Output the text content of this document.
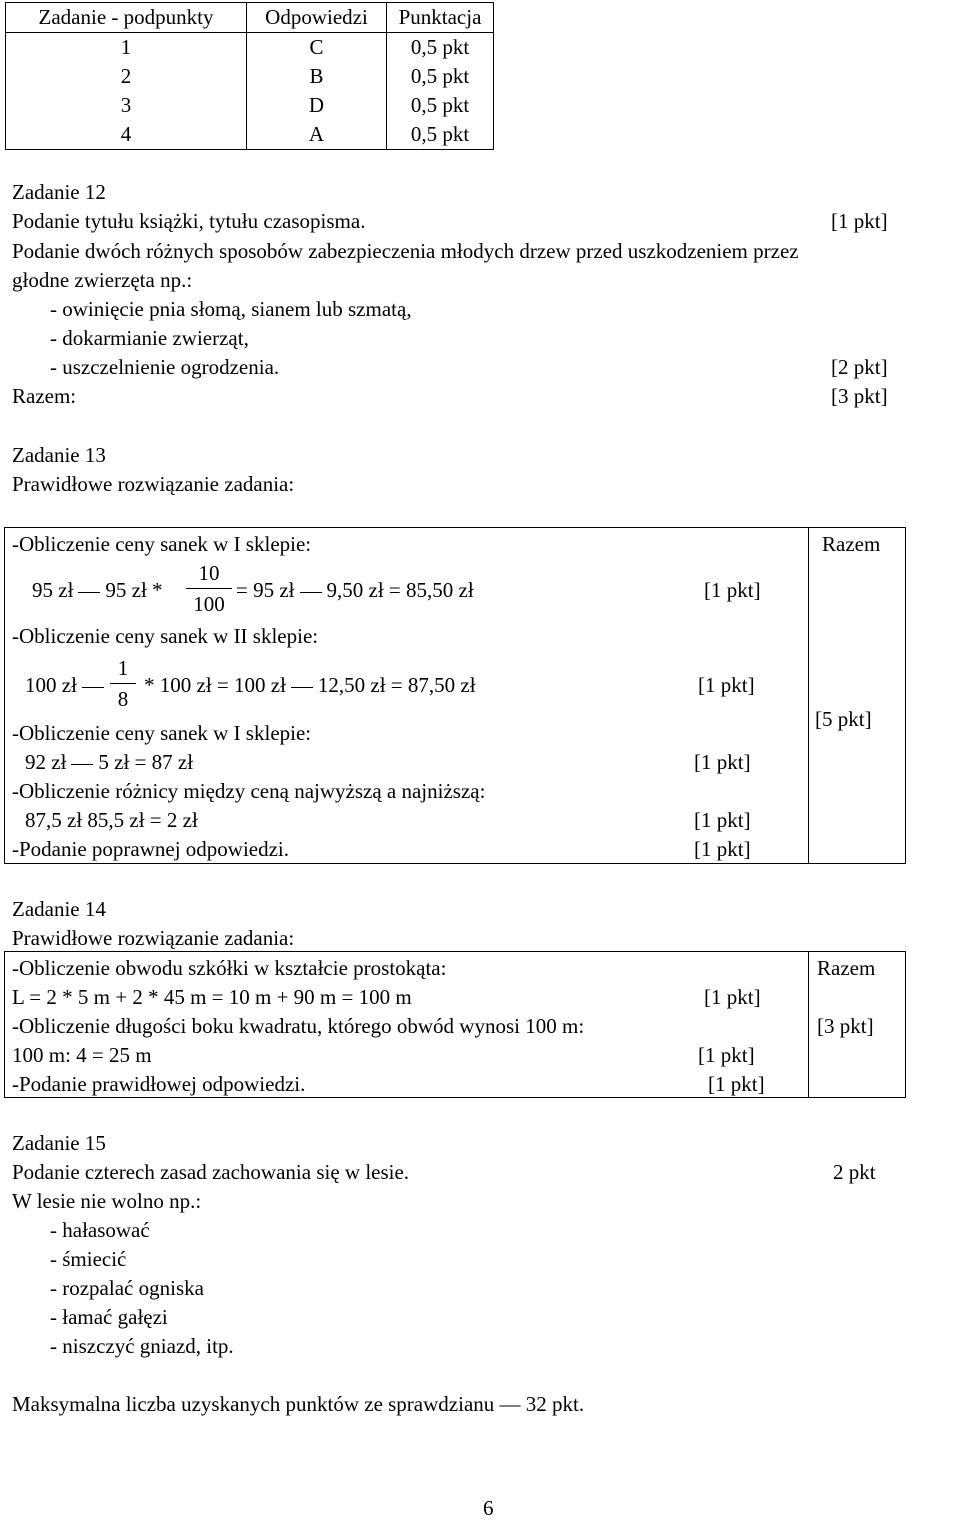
Zadanie - podpunkty	Odpowiedzi	Punktacja
1	C	0,5 pkt
2	B	0,5 pkt
3	D	0,5 pkt
4	A	0,5 pkt
Zadanie 12
Podanie tytułu książki, tytułu czasopisma.	[1 pkt]
Podanie dwóch różnych sposobów zabezpieczenia młodych drzew przed uszkodzeniem przez
głodne zwierzęta np.:
- owinięcie pnia słomą, sianem lub szmatą,
- dokarmianie zwierząt,
- uszczelnienie ogrodzenia.	[2 pkt]
Razem:	[3 pkt]
Zadanie 13
Prawidłowe rozwiązanie zadania:
-Obliczenie ceny sanek w I sklepie:	Razem
95 zł 95 zł *
10
100
= 95 zł 9,50 zł = 85,50 zł	[1 pkt]
-Obliczenie ceny sanek w II sklepie:
100 zł
1
8
* 100 zł = 100 zł 12,50 zł = 87,50 zł	[1 pkt]
[5 pkt]
-Obliczenie ceny sanek w I sklepie:
92 zł 5 zł = 87 zł	[1 pkt]
-Obliczenie różnicy między ceną najwyższą a najniższą:
87,5 zł 85,5 zł = 2 zł	[1 pkt]
-Podanie poprawnej odpowiedzi.	[1 pkt]
Zadanie 14
Prawidłowe rozwiązanie zadania:
-Obliczenie obwodu szkółki w kształcie prostokąta:	Razem
L = 2 * 5 m + 2 * 45 m = 10 m + 90 m = 100 m	[1 pkt]
-Obliczenie długości boku kwadratu, którego obwód wynosi 100 m:	[3 pkt]
100 m: 4 = 25 m	[1 pkt]
-Podanie prawidłowej odpowiedzi.	[1 pkt]
Zadanie 15
Podanie czterech zasad zachowania się w lesie.	2 pkt
W lesie nie wolno np.:
- hałasować
- śmiecić
- rozpalać ogniska
- łamać gałęzi
- niszczyć gniazd, itp.
Maksymalna liczba uzyskanych punktów ze sprawdzianu — 32 pkt.
6
